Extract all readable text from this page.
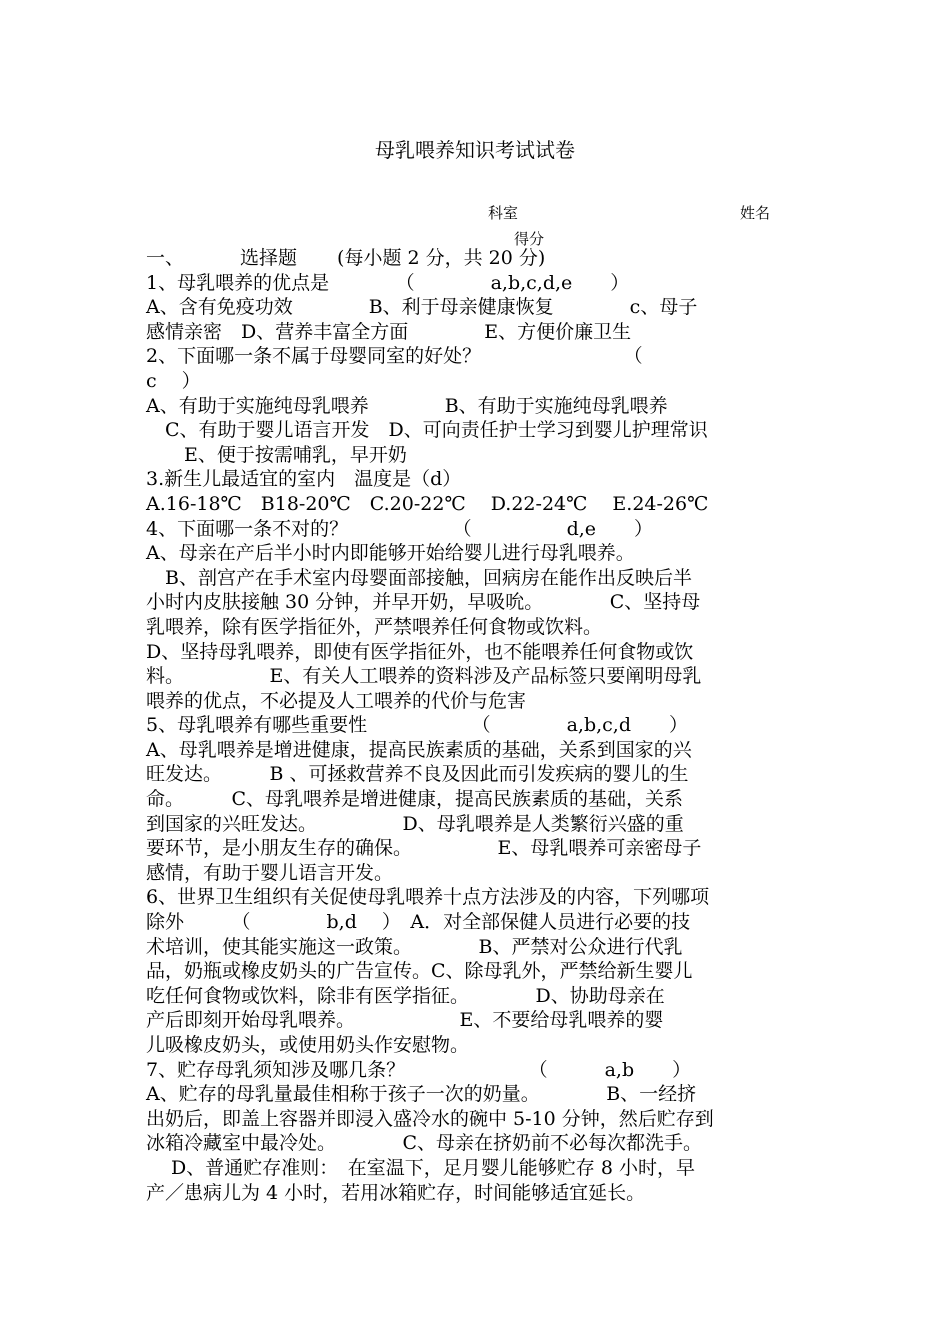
母乳喂养知识考试试卷
科室	姓名
得分
一、	选择题 (每小题 2 分，共 20 分)
1、母乳喂养的优点是　　　　（　　　　a,b,c,d,e　　）
A、含有免疫功效　　　　B、利于母亲健康恢复　　　　c、母子
感情亲密　D、营养丰富全方面　　　　E、方便价廉卫生
2、下面哪一条不属于母婴同室的好处？　　　　　　　　（
c　 ）
A、有助于实施纯母乳喂养　　　　B、有助于实施纯母乳喂养
　C、有助于婴儿语言开发　D、可向责任护士学习到婴儿护理常识
　　E、便于按需哺乳，早开奶
3.新生儿最适宜的室内　温度是（d）
A.16-18℃　B18-20℃　C.20-22℃　 D.22-24℃　 E.24-26℃
4、下面哪一条不对的？　　　　　　（　　　　　d,e　　）
A、母亲在产后半小时内即能够开始给婴儿进行母乳喂养。
　B、剖宫产在手术室内母婴面部接触，回病房在能作出反映后半
小时内皮肤接触 30 分钟，并早开奶，早吸吮。　　　　C、坚持母
乳喂养，除有医学指征外，严禁喂养任何食物或饮料。
D、坚持母乳喂养，即使有医学指征外，也不能喂养任何食物或饮
料。　　　　　E、有关人工喂养的资料涉及产品标签只要阐明母乳
喂养的优点，不必提及人工喂养的代价与危害
5、母乳喂养有哪些重要性　　　　　　（　　　　a,b,c,d　　）
A、母乳喂养是增进健康，提高民族素质的基础，关系到国家的兴
旺发达。　　　B 、可拯救营养不良及因此而引发疾病的婴儿的生
命。　　　C、母乳喂养是增进健康，提高民族素质的基础，关系
到国家的兴旺发达。　　　　　D、母乳喂养是人类繁衍兴盛的重
要环节，是小朋友生存的确保。　　　　　E、母乳喂养可亲密母子
感情，有助于婴儿语言开发。
6、世界卫生组织有关促使母乳喂养十点方法涉及的内容，下列哪项
除外　　　（　　　　b,d　 ）　A．对全部保健人员进行必要的技
术培训，使其能实施这一政策。　　　　B、严禁对公众进行代乳
品，奶瓶或橡皮奶头的广告宣传。C、除母乳外，严禁给新生婴儿
吃任何食物或饮料，除非有医学指征。　　　　D、协助母亲在
产后即刻开始母乳喂养。　　　　　　E、不要给母乳喂养的婴
儿吸橡皮奶头，或使用奶头作安慰物。
7、贮存母乳须知涉及哪几条？　　　　　　　（　　　a,b　　）
A、贮存的母乳量最佳相称于孩子一次的奶量。　　　　B、一经挤
出奶后，即盖上容器并即浸入盛冷水的碗中 5-10 分钟，然后贮存到
冰箱冷藏室中最冷处。　　　　C、母亲在挤奶前不必每次都洗手。
　 D、普通贮存准则：　在室温下，足月婴儿能够贮存 8 小时，早
产／患病儿为 4 小时，若用冰箱贮存，时间能够适宜延长。
